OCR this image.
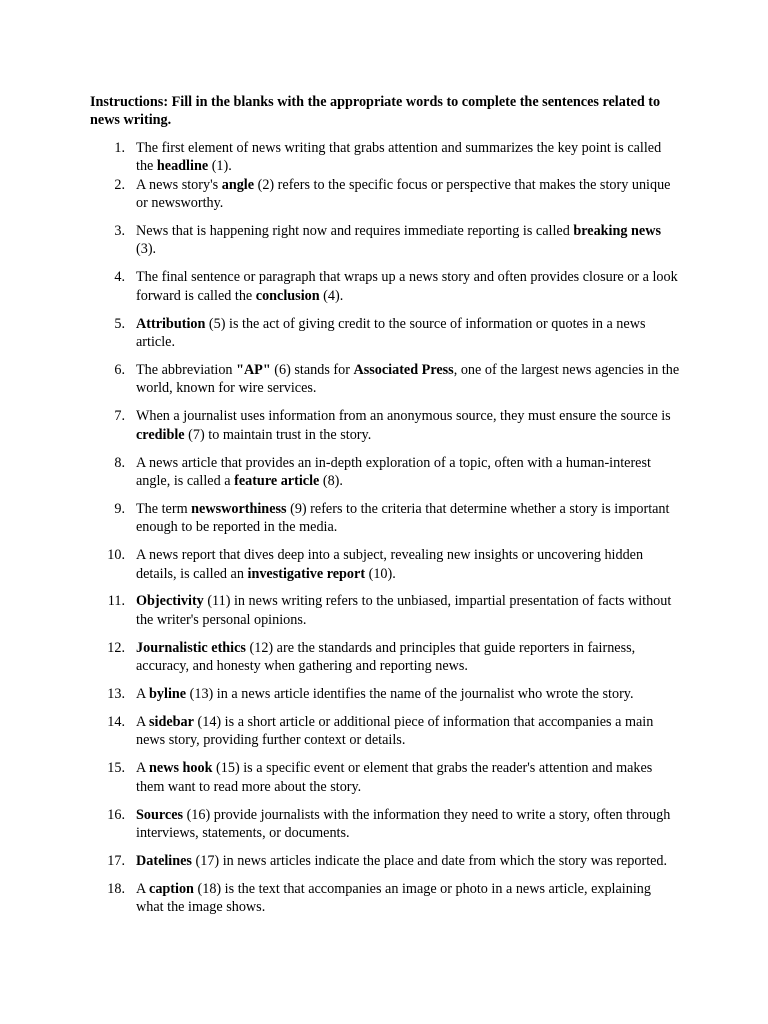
Instructions: Fill in the blanks with the appropriate words to complete the sentences related to news writing.

1. The first element of news writing that grabs attention and summarizes the key point is called the headline (1).
2. A news story's angle (2) refers to the specific focus or perspective that makes the story unique or newsworthy.
3. News that is happening right now and requires immediate reporting is called breaking news (3).
4. The final sentence or paragraph that wraps up a news story and often provides closure or a look forward is called the conclusion (4).
5. Attribution (5) is the act of giving credit to the source of information or quotes in a news article.
6. The abbreviation "AP" (6) stands for Associated Press, one of the largest news agencies in the world, known for wire services.
7. When a journalist uses information from an anonymous source, they must ensure the source is credible (7) to maintain trust in the story.
8. A news article that provides an in-depth exploration of a topic, often with a human-interest angle, is called a feature article (8).
9. The term newsworthiness (9) refers to the criteria that determine whether a story is important enough to be reported in the media.
10. A news report that dives deep into a subject, revealing new insights or uncovering hidden details, is called an investigative report (10).
11. Objectivity (11) in news writing refers to the unbiased, impartial presentation of facts without the writer's personal opinions.
12. Journalistic ethics (12) are the standards and principles that guide reporters in fairness, accuracy, and honesty when gathering and reporting news.
13. A byline (13) in a news article identifies the name of the journalist who wrote the story.
14. A sidebar (14) is a short article or additional piece of information that accompanies a main news story, providing further context or details.
15. A news hook (15) is a specific event or element that grabs the reader's attention and makes them want to read more about the story.
16. Sources (16) provide journalists with the information they need to write a story, often through interviews, statements, or documents.
17. Datelines (17) in news articles indicate the place and date from which the story was reported.
18. A caption (18) is the text that accompanies an image or photo in a news article, explaining what the image shows.
